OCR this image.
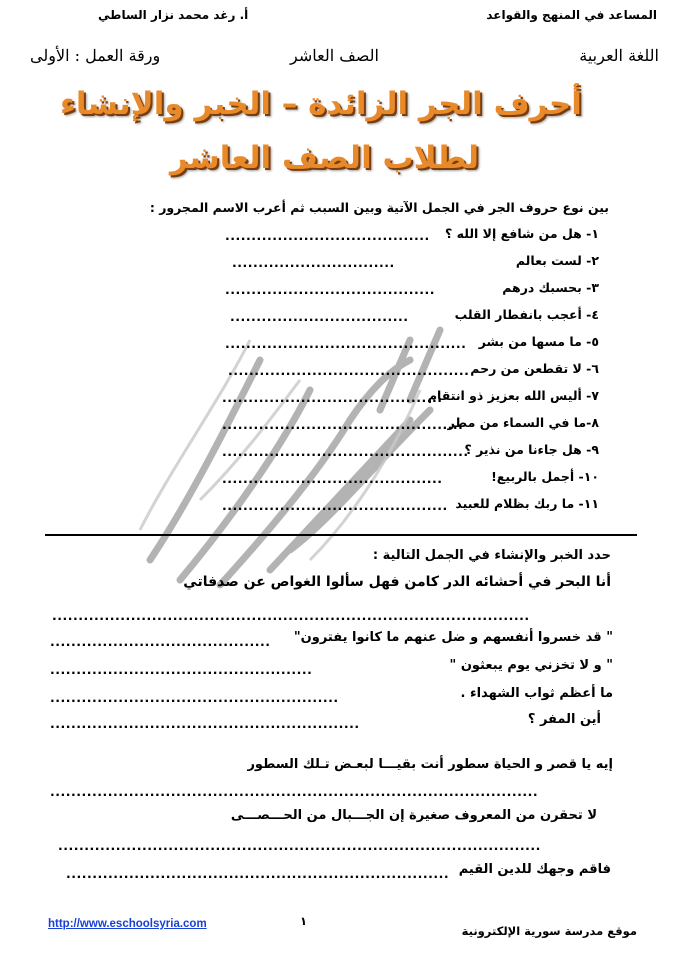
المساعد في المنهج والقواعد
أ. رغد محمد نزار الساطي
اللغة العربية
الصف العاشر
ورقة العمل : الأولى
أحرف الجر الزائدة – الخبر والإنشاء
لطلاب الصف العاشر
بين نوع حروف الجر في الجمل الآتية وبين السبب ثم أعرب الاسم المجرور :
١- هل من شافع إلا الله ؟
٢- لست بعالم
٣- بحسبك درهم
٤- أعجب بانفطار القلب
٥- ما مسها من بشر
٦- لا تقطعن من رحم
٧- أليس الله بعزيز ذو انتقام
٨-ما في السماء من مطر
٩- هل جاءنا من نذير ؟
١٠- أجمل بالربيع!
١١- ما ربك بظلام للعبيد
.......................................
...............................
........................................
..................................
..............................................
..............................................
..........................................
..............................................
...............................................
..........................................
...........................................
حدد الخبر والإنشاء في الجمل التالية :
أنا البحر في أحشائه الدر كامن فهل سألوا الغواص عن صدفاتي
...........................................................................................
" قد خسروا أنفسهم و ضل عنهم ما كانوا يفترون"
..........................................
" و لا تخزني يوم يبعثون "
..................................................
ما أعظم ثواب الشهداء .
.......................................................
أين المفر ؟
...........................................................
إيه يا قصر و الحياة سطور أنت بقيـــا لبعـض تـلك السطور
.............................................................................................
لا تحقرن من المعروف صغيرة إن الجـــبال من الحـــصـــى
............................................................................................
فاقم وجهك للدين القيم
.........................................................................
http://www.eschoolsyria.com	١
موقع مدرسة سورية الإلكترونية
